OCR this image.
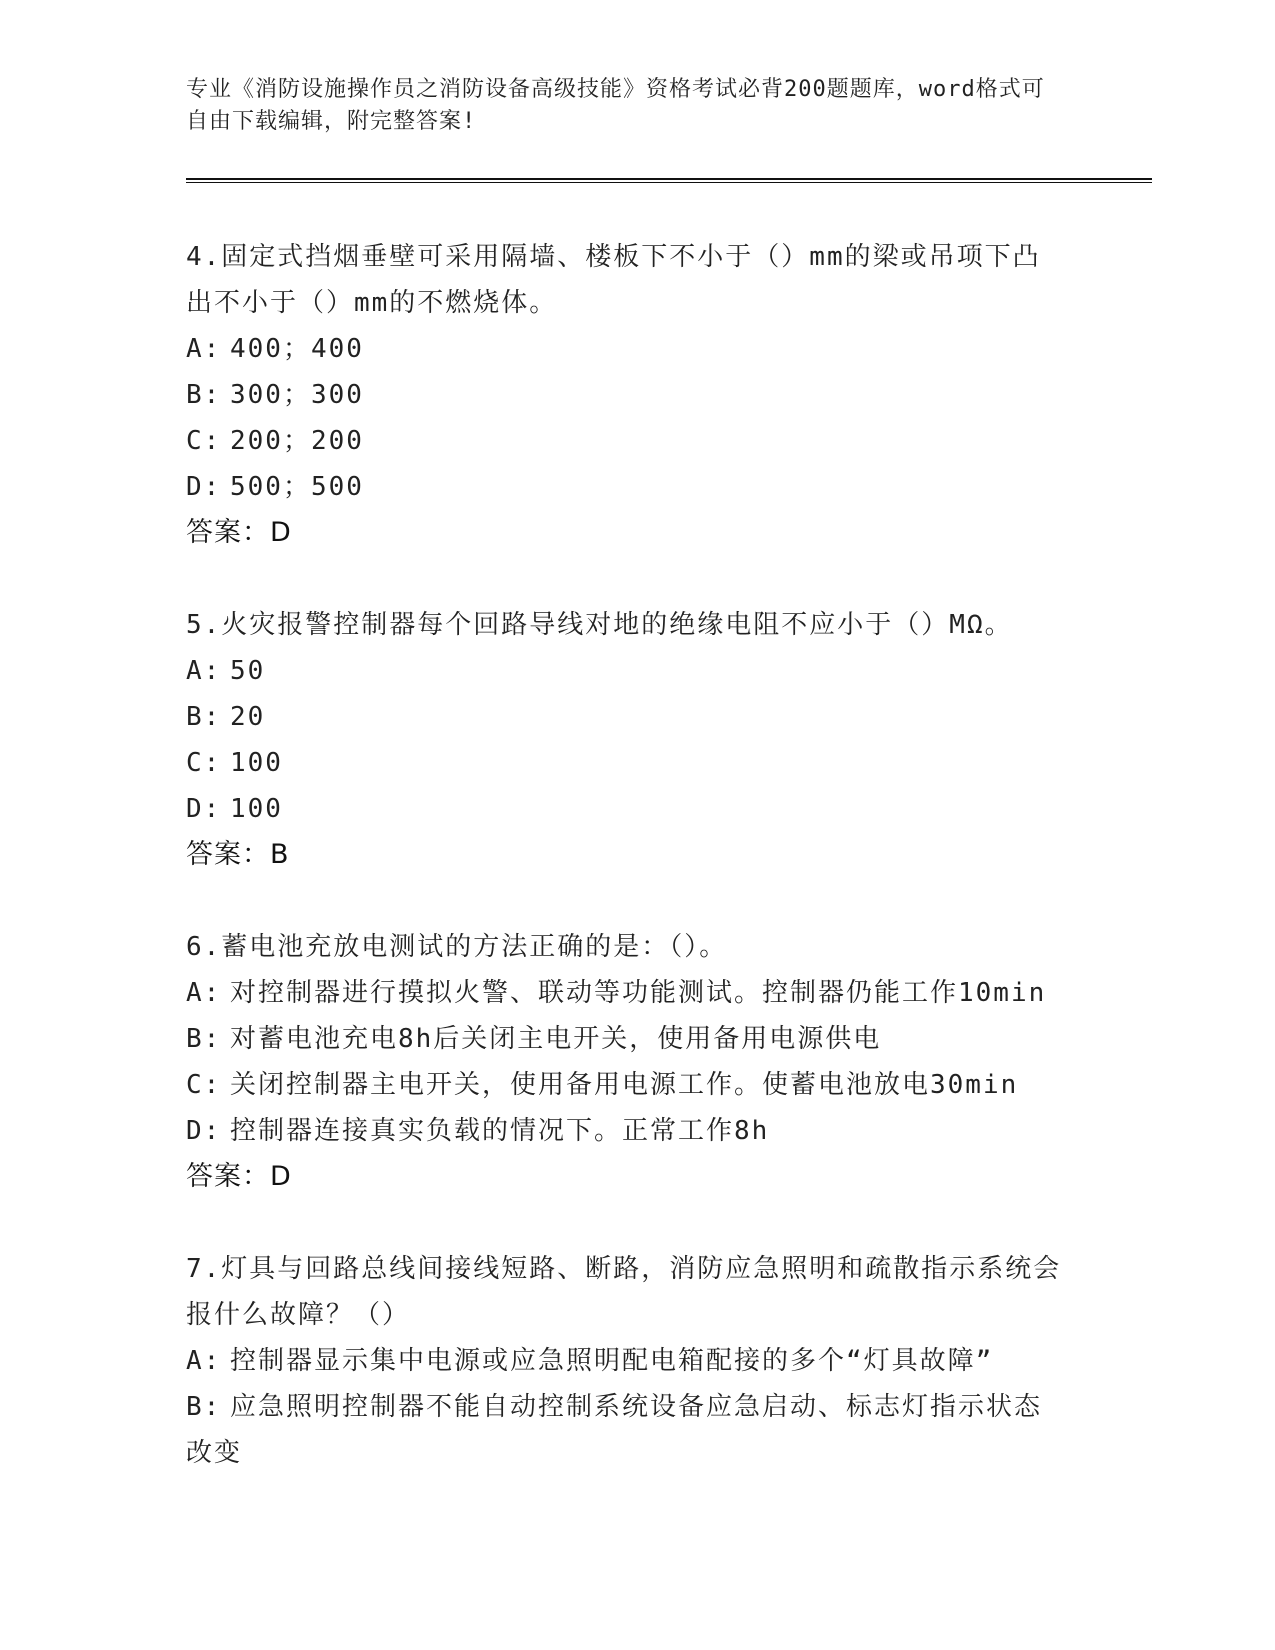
专业《消防设施操作员之消防设备高级技能》资格考试必背200题题库，word格式可自由下载编辑，附完整答案!

4.固定式挡烟垂壁可采用隔墙、楼板下不小于（）mm的梁或吊项下凸出不小于（）mm的不燃烧体。

A: 400；400

B: 300；300

C: 200；200

D: 500；500

答案：D

5.火灾报警控制器每个回路导线对地的绝缘电阻不应小于（）MΩ。

A: 50

B: 20

C: 100

D: 100

答案：B

6.蓄电池充放电测试的方法正确的是：（）。

A: 对控制器进行摸拟火警、联动等功能测试。控制器仍能工作10min

B: 对蓄电池充电8h后关闭主电开关，使用备用电源供电

C: 关闭控制器主电开关，使用备用电源工作。使蓄电池放电30min

D: 控制器连接真实负载的情况下。正常工作8h

答案：D

7.灯具与回路总线间接线短路、断路，消防应急照明和疏散指示系统会报什么故障？（）

A: 控制器显示集中电源或应急照明配电箱配接的多个“灯具故障”

B: 应急照明控制器不能自动控制系统设备应急启动、标志灯指示状态改变
